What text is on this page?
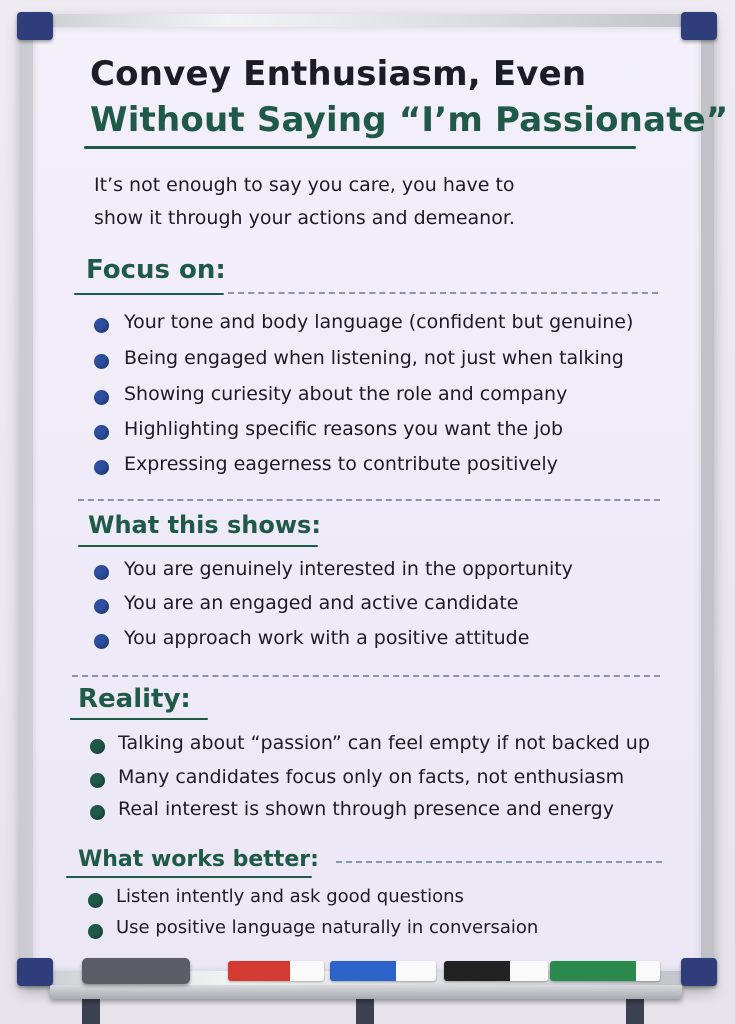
Convey Enthusiasm, Even
Without Saying “I’m Passionate”
It’s not enough to say you care, you have to
show it through your actions and demeanor.
Focus on:
Your tone and body language (confident but genuine)
Being engaged when listening, not just when talking
Showing curiesity about the role and company
Highlighting specific reasons you want the job
Expressing eagerness to contribute positively
What this shows:
You are genuinely interested in the opportunity
You are an engaged and active candidate
You approach work with a positive attitude
Reality:
Talking about “passion” can feel empty if not backed up
Many candidates focus only on facts, not enthusiasm
Real interest is shown through presence and energy
What works better:
Listen intently and ask good questions
Use positive language naturally in conversaion
